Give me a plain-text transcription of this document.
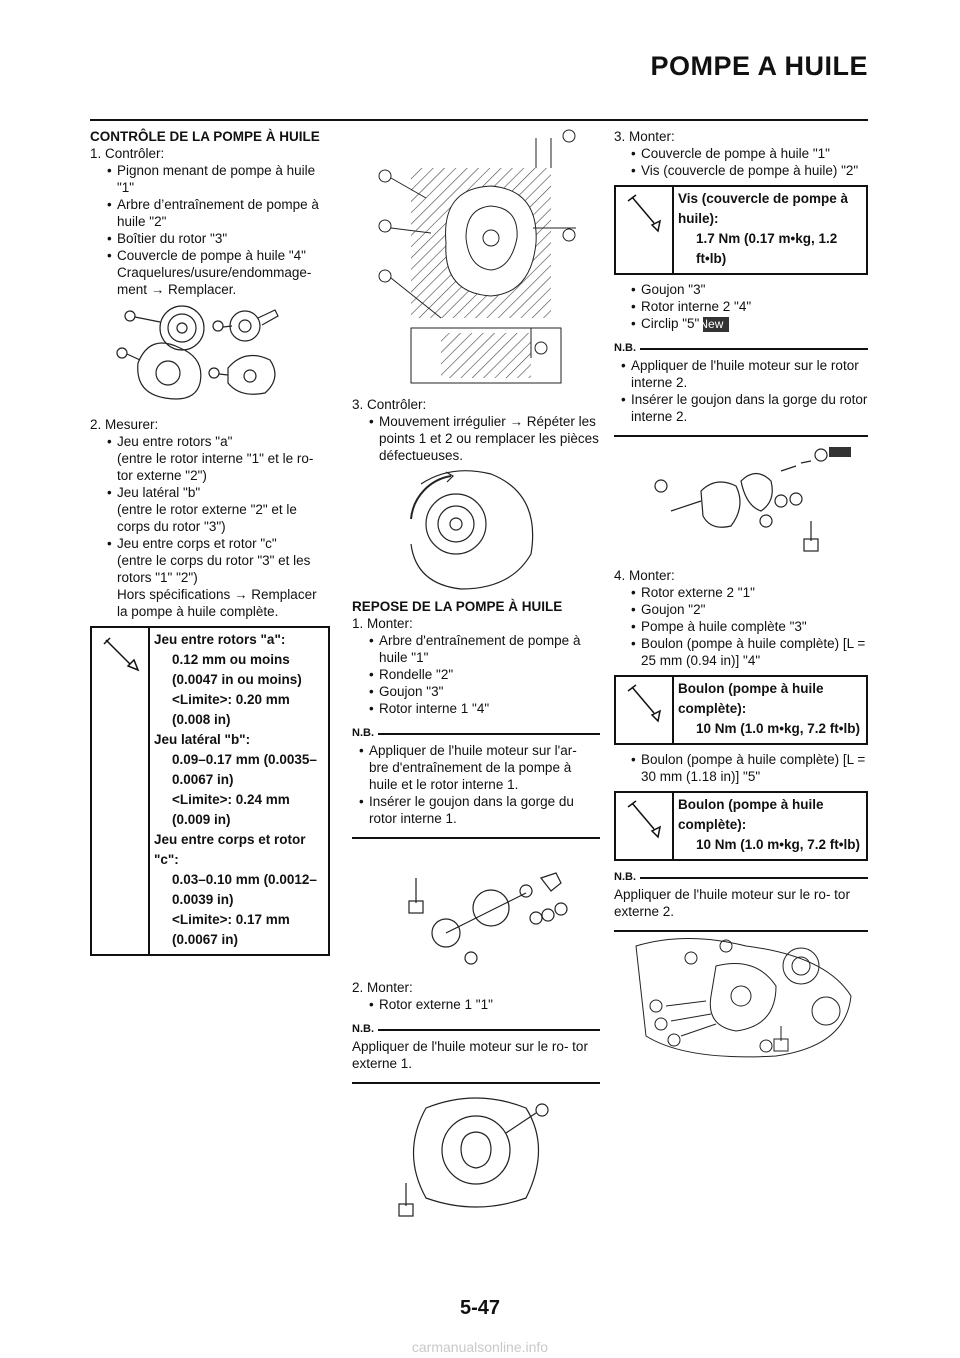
POMPE A HUILE

CONTRÔLE DE LA POMPE À HUILE

1. Contrôler:

• Pignon menant de pompe à huile "1"

• Arbre d’entraînement de pompe à huile "2"

• Boîtier du rotor "3"

• Couvercle de pompe à huile "4"

Craquelures/usure/endommage- ment → Remplacer.

2. Mesurer:

• Jeu entre rotors "a"

(entre le rotor interne "1" et le ro- tor externe "2")

• Jeu latéral "b"

(entre le rotor externe "2" et le corps du rotor "3")

• Jeu entre corps et rotor "c"

(entre le corps du rotor "3" et les rotors "1" "2")

Hors spécifications → Remplacer la pompe à huile complète.

Jeu entre rotors "a":
0.12 mm ou moins (0.0047 in ou moins)
<Limite>: 0.20 mm (0.008 in)
Jeu latéral "b":
0.09–0.17 mm (0.0035– 0.0067 in)
<Limite>: 0.24 mm (0.009 in)
Jeu entre corps et rotor "c":
0.03–0.10 mm (0.0012– 0.0039 in)
<Limite>: 0.17 mm (0.0067 in)

3. Contrôler:

• Mouvement irrégulier → Répéter les points 1 et 2 ou remplacer les pièces défectueuses.

REPOSE DE LA POMPE À HUILE

1. Monter:

• Arbre d'entraînement de pompe à huile "1"

• Rondelle "2"

• Goujon "3"

• Rotor interne 1 "4"

N.B.

• Appliquer de l'huile moteur sur l'ar- bre d'entraînement de la pompe à huile et le rotor interne 1.

• Insérer le goujon dans la gorge du rotor interne 1.

2. Monter:

• Rotor externe 1 "1"

N.B.

Appliquer de l'huile moteur sur le ro- tor externe 1.

3. Monter:

• Couvercle de pompe à huile "1"

• Vis (couvercle de pompe à huile) "2"

Vis (couvercle de pompe à huile):
1.7 Nm (0.17 m•kg, 1.2 ft•lb)

• Goujon "3"

• Rotor interne 2 "4"

• Circlip "5"New

N.B.

• Appliquer de l'huile moteur sur le rotor interne 2.

• Insérer le goujon dans la gorge du rotor interne 2.

4. Monter:

• Rotor externe 2 "1"

• Goujon "2"

• Pompe à huile complète "3"

• Boulon (pompe à huile complète) [L = 25 mm (0.94 in)] "4"

Boulon (pompe à huile complète):
10 Nm (1.0 m•kg, 7.2 ft•lb)

• Boulon (pompe à huile complète) [L = 30 mm (1.18 in)] "5"

Boulon (pompe à huile complète):
10 Nm (1.0 m•kg, 7.2 ft•lb)
N.B.

Appliquer de l'huile moteur sur le ro- tor externe 2.

5-47
carmanualsonline.info
